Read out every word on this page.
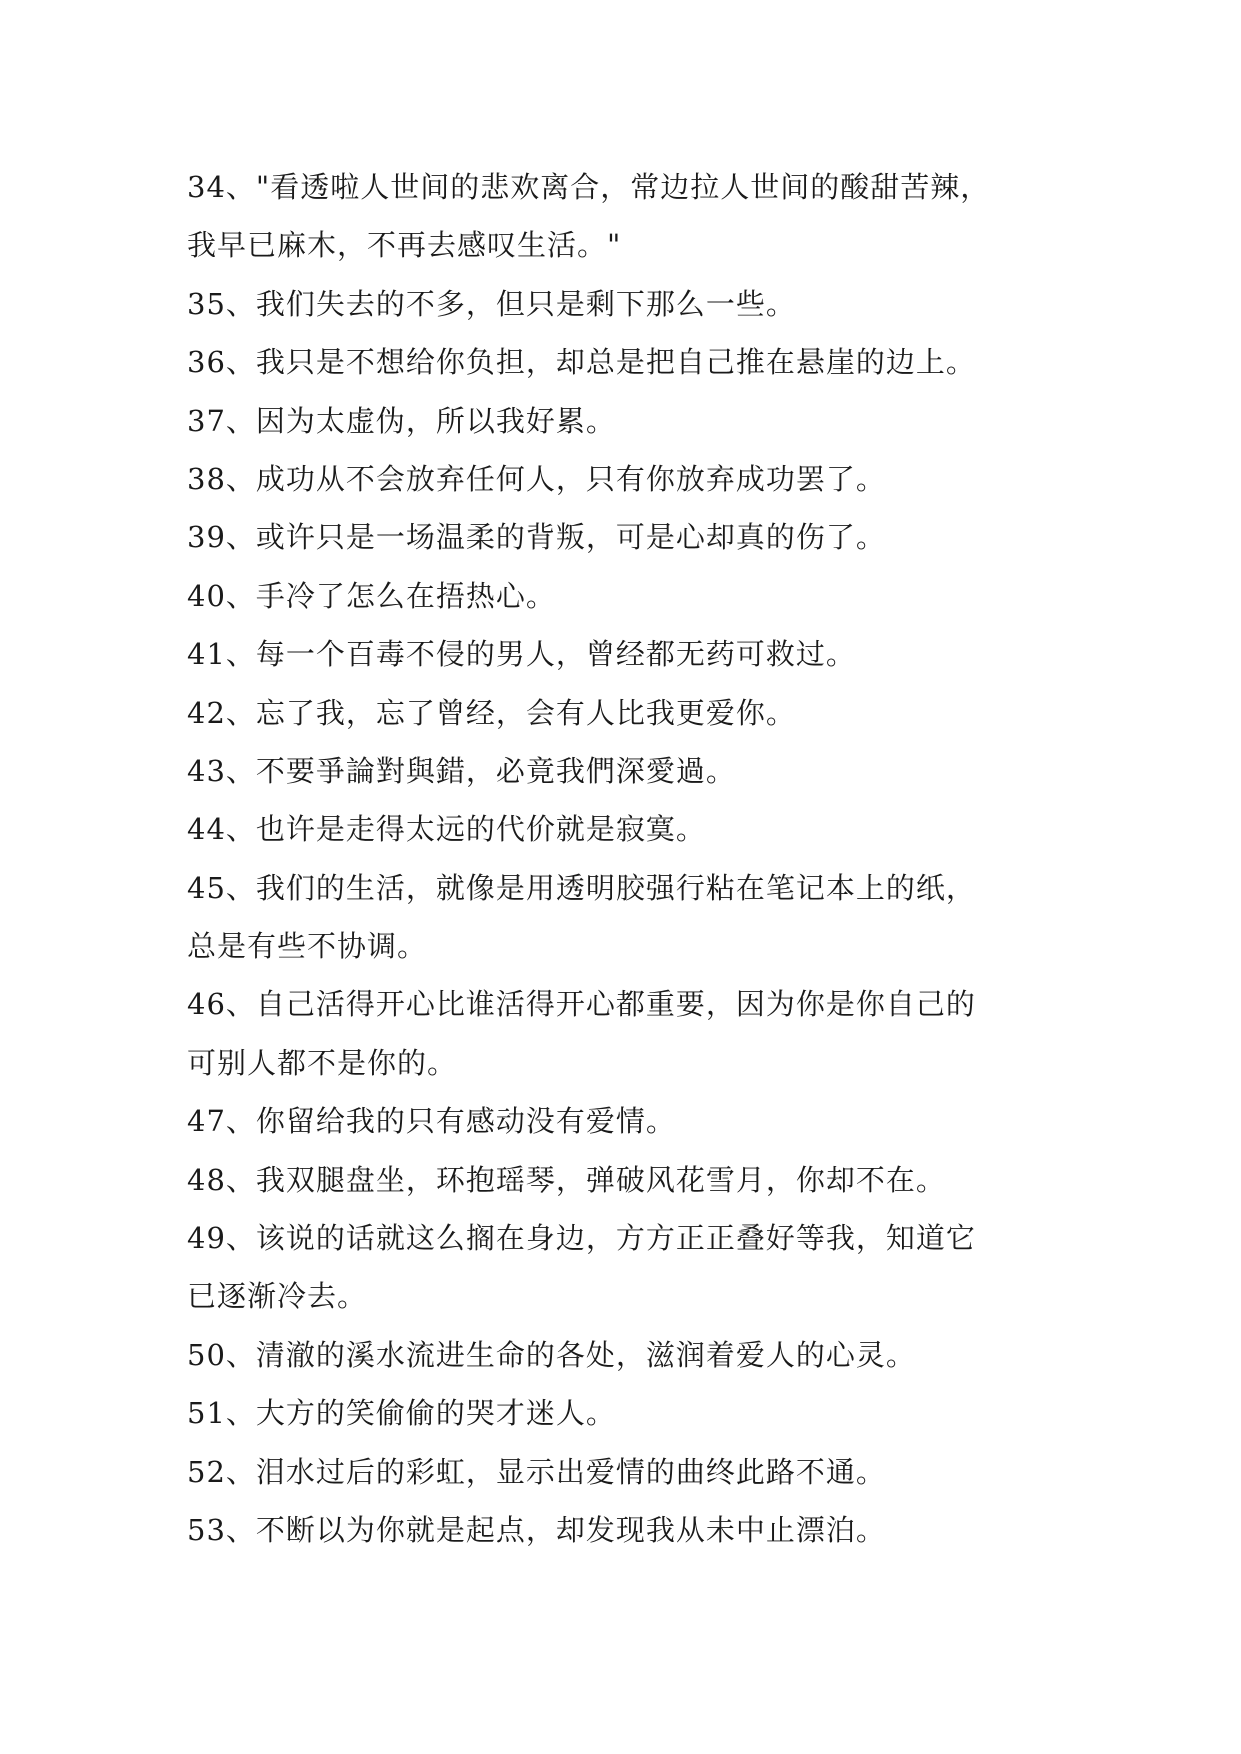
34、"看透啦人世间的悲欢离合，常边拉人世间的酸甜苦辣，
我早已麻木，不再去感叹生活。"
35、我们失去的不多，但只是剩下那么一些。
36、我只是不想给你负担，却总是把自己推在悬崖的边上。
37、因为太虚伪，所以我好累。
38、成功从不会放弃任何人，只有你放弃成功罢了。
39、或许只是一场温柔的背叛，可是心却真的伤了。
40、手冷了怎么在捂热心。
41、每一个百毒不侵的男人，曾经都无药可救过。
42、忘了我，忘了曾经，会有人比我更爱你。
43、不要爭論對與錯，必竟我們深愛過。
44、也许是走得太远的代价就是寂寞。
45、我们的生活，就像是用透明胶强行粘在笔记本上的纸，
总是有些不协调。
46、自己活得开心比谁活得开心都重要，因为你是你自己的
可别人都不是你的。
47、你留给我的只有感动没有爱情。
48、我双腿盘坐，环抱瑶琴，弹破风花雪月，你却不在。
49、该说的话就这么搁在身边，方方正正叠好等我，知道它
已逐渐冷去。
50、清澈的溪水流进生命的各处，滋润着爱人的心灵。
51、大方的笑偷偷的哭才迷人。
52、泪水过后的彩虹，显示出爱情的曲终此路不通。
53、不断以为你就是起点，却发现我从未中止漂泊。
